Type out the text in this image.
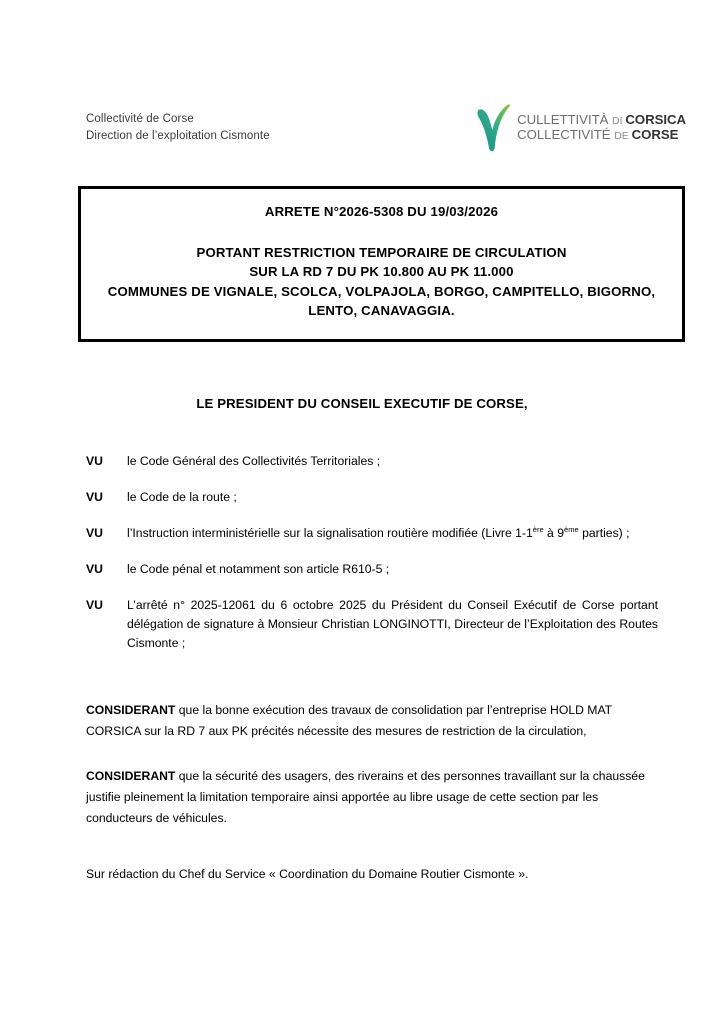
Collectivité de Corse
Direction de l’exploitation Cismonte
CULLETTIVITÀ DI CORSICA
COLLECTIVITÉ DE CORSE
ARRETE N°2026-5308 DU 19/03/2026
PORTANT RESTRICTION TEMPORAIRE DE CIRCULATION
SUR LA RD 7 DU PK 10.800 AU PK 11.000
COMMUNES DE VIGNALE, SCOLCA, VOLPAJOLA, BORGO, CAMPITELLO, BIGORNO,
LENTO, CANAVAGGIA.
LE PRESIDENT DU CONSEIL EXECUTIF DE CORSE,
VU	le Code Général des Collectivités Territoriales ;
VU	le Code de la route ;
VU	l’Instruction interministérielle sur la signalisation routière modifiée (Livre 1-1ère à 9ème parties) ;
VU	le Code pénal et notamment son article R610-5 ;
VU	L’arrêté n° 2025-12061 du 6 octobre 2025 du Président du Conseil Exécutif de Corse portant délégation de signature à Monsieur Christian LONGINOTTI, Directeur de l’Exploitation des Routes Cismonte ;
CONSIDERANT que la bonne exécution des travaux de consolidation par l’entreprise HOLD MAT CORSICA sur la RD 7 aux PK précités nécessite des mesures de restriction de la circulation,
CONSIDERANT que la sécurité des usagers, des riverains et des personnes travaillant sur la chaussée justifie pleinement la limitation temporaire ainsi apportée au libre usage de cette section par les conducteurs de véhicules.
Sur rédaction du Chef du Service « Coordination du Domaine Routier Cismonte ».
